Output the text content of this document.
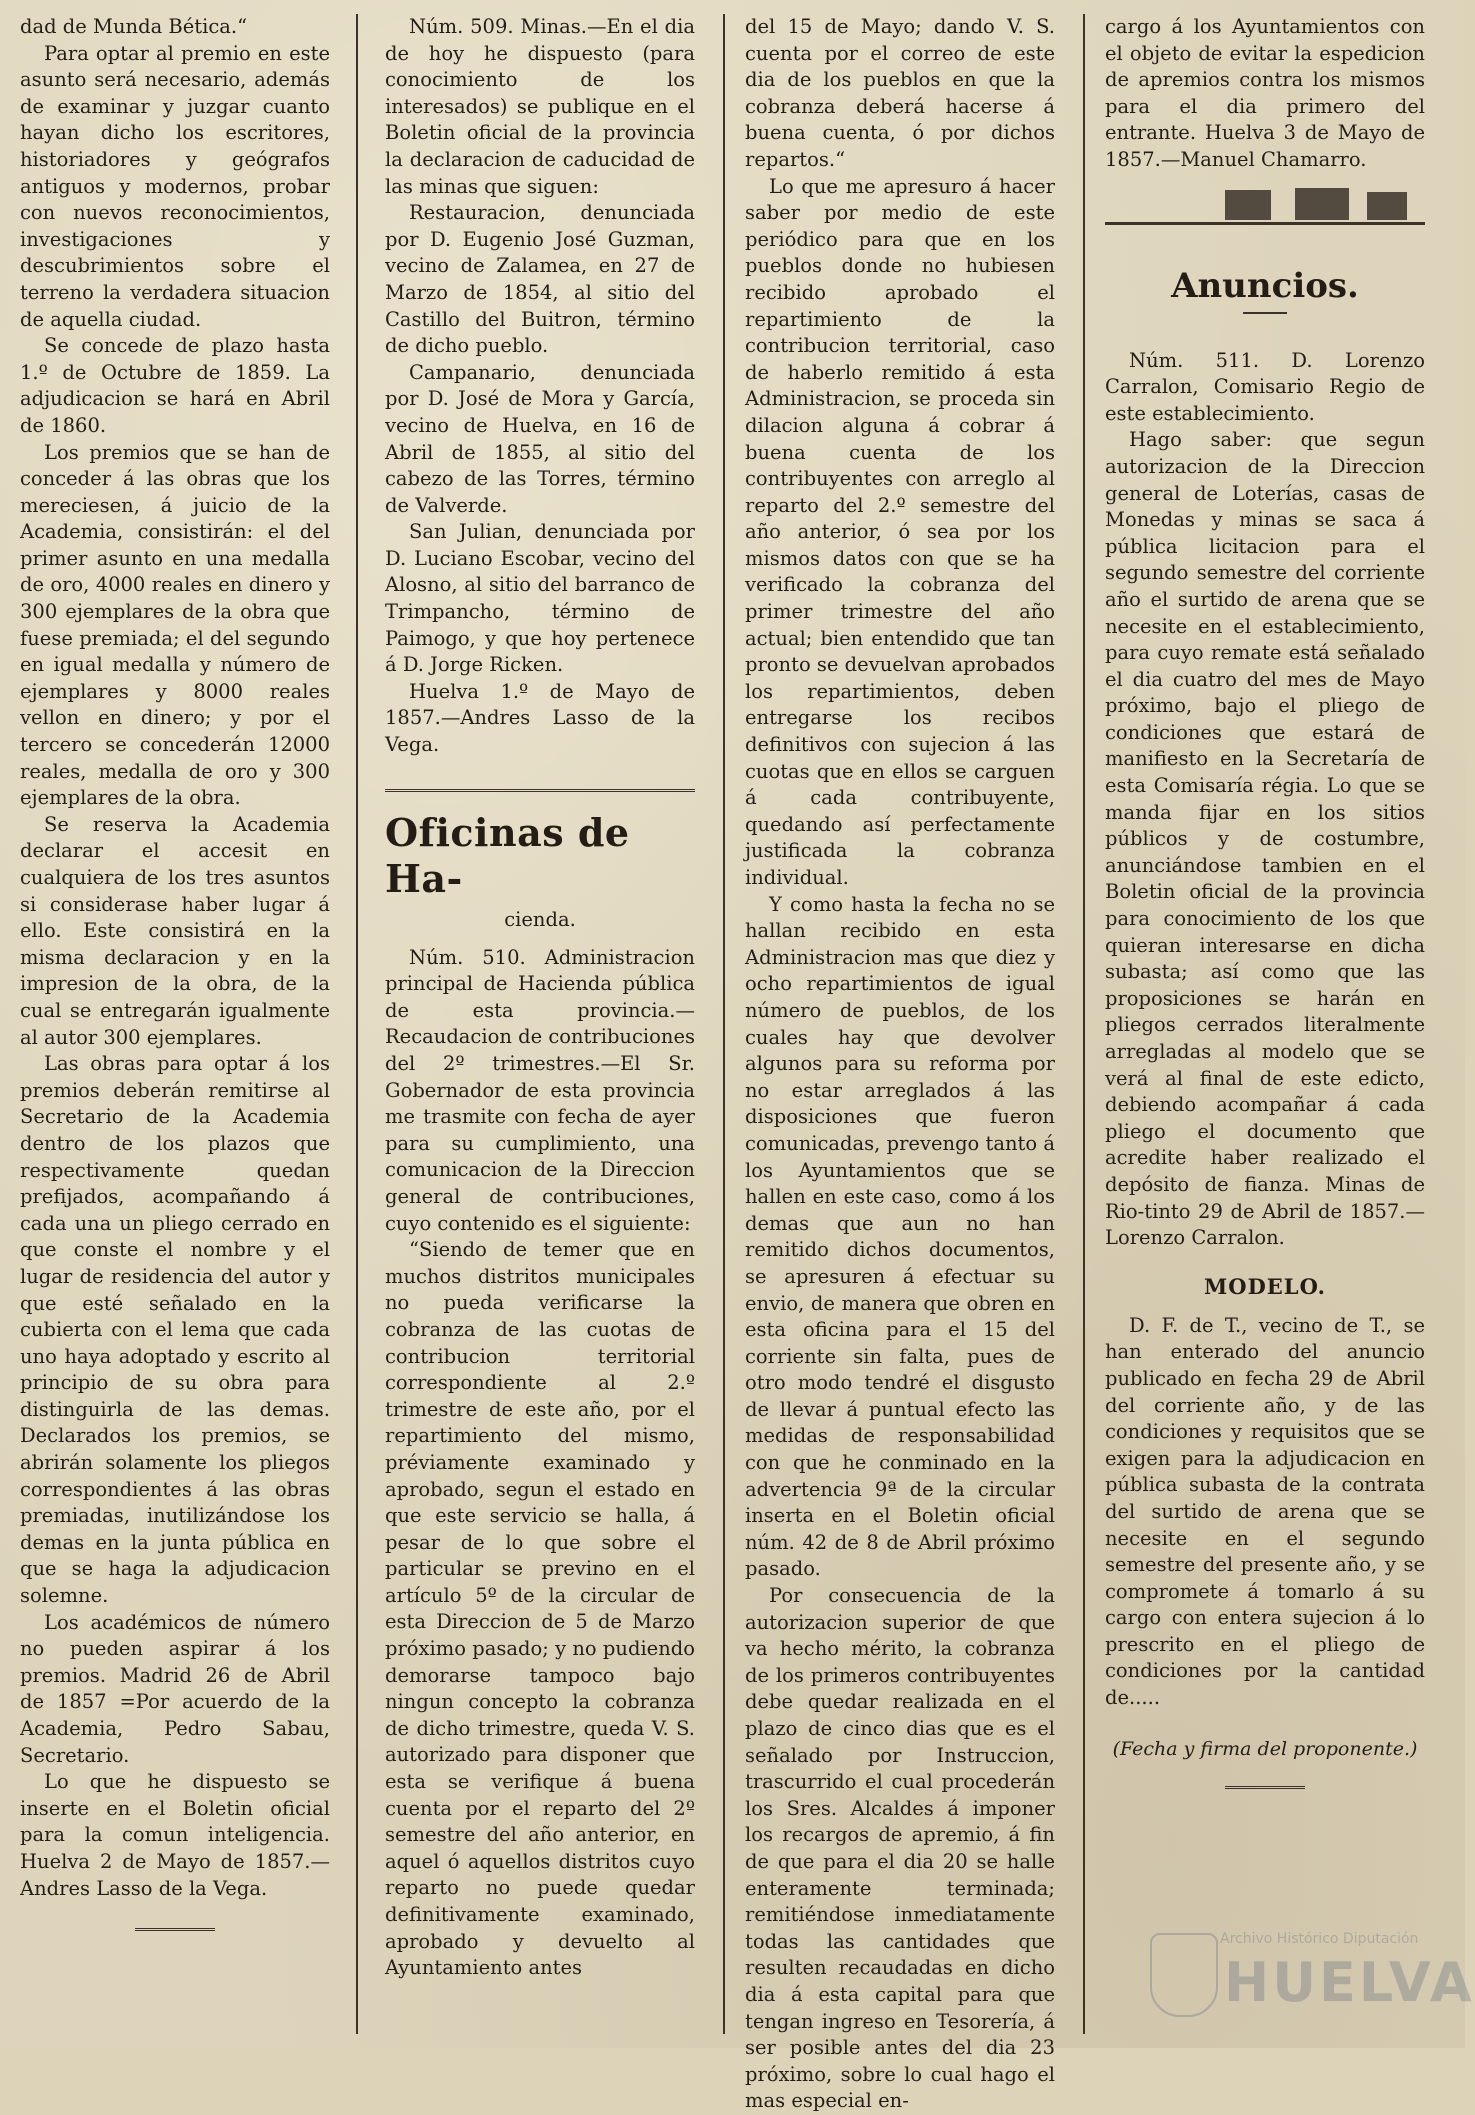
dad de Munda Bética.“

Para optar al premio en este asunto será necesario, además de examinar y juzgar cuanto hayan dicho los escritores, historiadores y geógrafos antiguos y modernos, probar con nuevos reconocimientos, investigaciones y descubrimientos sobre el terreno la verdadera situacion de aquella ciudad.

Se concede de plazo hasta 1.º de Octubre de 1859. La adjudicacion se hará en Abril de 1860.

Los premios que se han de conceder á las obras que los mereciesen, á juicio de la Academia, consistirán: el del primer asunto en una medalla de oro, 4000 reales en dinero y 300 ejemplares de la obra que fuese premiada; el del segundo en igual medalla y número de ejemplares y 8000 reales vellon en dinero; y por el tercero se concederán 12000 reales, medalla de oro y 300 ejemplares de la obra.

Se reserva la Academia declarar el accesit en cualquiera de los tres asuntos si considerase haber lugar á ello. Este consistirá en la misma declaracion y en la impresion de la obra, de la cual se entregarán igualmente al autor 300 ejemplares.

Las obras para optar á los premios deberán remitirse al Secretario de la Academia dentro de los plazos que respectivamente quedan prefijados, acompañando á cada una un pliego cerrado en que conste el nombre y el lugar de residencia del autor y que esté señalado en la cubierta con el lema que cada uno haya adoptado y escrito al principio de su obra para distinguirla de las demas. Declarados los premios, se abrirán solamente los pliegos correspondientes á las obras premiadas, inutilizándose los demas en la junta pública en que se haga la adjudicacion solemne.

Los académicos de número no pueden aspirar á los premios. Madrid 26 de Abril de 1857 =Por acuerdo de la Academia, Pedro Sabau, Secretario.

Lo que he dispuesto se inserte en el Boletin oficial para la comun inteligencia. Huelva 2 de Mayo de 1857.— Andres Lasso de la Vega.

Núm. 509. Minas.—En el dia de hoy he dispuesto (para conocimiento de los interesados) se publique en el Boletin oficial de la provincia la declaracion de caducidad de las minas que siguen:

Restauracion, denunciada por D. Eugenio José Guzman, vecino de Zalamea, en 27 de Marzo de 1854, al sitio del Castillo del Buitron, término de dicho pueblo.

Campanario, denunciada por D. José de Mora y García, vecino de Huelva, en 16 de Abril de 1855, al sitio del cabezo de las Torres, término de Valverde.

San Julian, denunciada por D. Luciano Escobar, vecino del Alosno, al sitio del barranco de Trimpancho, término de Paimogo, y que hoy pertenece á D. Jorge Ricken.

Huelva 1.º de Mayo de 1857.—Andres Lasso de la Vega.

Oficinas de Ha-
cienda.

Núm. 510. Administracion principal de Hacienda pública de esta provincia.—Recaudacion de contribuciones del 2º trimestres.—El Sr. Gobernador de esta provincia me trasmite con fecha de ayer para su cumplimiento, una comunicacion de la Direccion general de contribuciones, cuyo contenido es el siguiente:

“Siendo de temer que en muchos distritos municipales no pueda verificarse la cobranza de las cuotas de contribucion territorial correspondiente al 2.º trimestre de este año, por el repartimiento del mismo, préviamente examinado y aprobado, segun el estado en que este servicio se halla, á pesar de lo que sobre el particular se previno en el artículo 5º de la circular de esta Direccion de 5 de Marzo próximo pasado; y no pudiendo demorarse tampoco bajo ningun concepto la cobranza de dicho trimestre, queda V. S. autorizado para disponer que esta se verifique á buena cuenta por el reparto del 2º semestre del año anterior, en aquel ó aquellos distritos cuyo reparto no puede quedar definitivamente examinado, aprobado y devuelto al Ayuntamiento antes

del 15 de Mayo; dando V. S. cuenta por el correo de este dia de los pueblos en que la cobranza deberá hacerse á buena cuenta, ó por dichos repartos.“

Lo que me apresuro á hacer saber por medio de este periódico para que en los pueblos donde no hubiesen recibido aprobado el repartimiento de la contribucion territorial, caso de haberlo remitido á esta Administracion, se proceda sin dilacion alguna á cobrar á buena cuenta de los contribuyentes con arreglo al reparto del 2.º semestre del año anterior, ó sea por los mismos datos con que se ha verificado la cobranza del primer trimestre del año actual; bien entendido que tan pronto se devuelvan aprobados los repartimientos, deben entregarse los recibos definitivos con sujecion á las cuotas que en ellos se carguen á cada contribuyente, quedando así perfectamente justificada la cobranza individual.

Y como hasta la fecha no se hallan recibido en esta Administracion mas que diez y ocho repartimientos de igual número de pueblos, de los cuales hay que devolver algunos para su reforma por no estar arreglados á las disposiciones que fueron comunicadas, prevengo tanto á los Ayuntamientos que se hallen en este caso, como á los demas que aun no han remitido dichos documentos, se apresuren á efectuar su envio, de manera que obren en esta oficina para el 15 del corriente sin falta, pues de otro modo tendré el disgusto de llevar á puntual efecto las medidas de responsabilidad con que he conminado en la advertencia 9ª de la circular inserta en el Boletin oficial núm. 42 de 8 de Abril próximo pasado.

Por consecuencia de la autorizacion superior de que va hecho mérito, la cobranza de los primeros contribuyentes debe quedar realizada en el plazo de cinco dias que es el señalado por Instruccion, trascurrido el cual procederán los Sres. Alcaldes á imponer los recargos de apremio, á fin de que para el dia 20 se halle enteramente terminada; remitiéndose inmediatamente todas las cantidades que resulten recaudadas en dicho dia á esta capital para que tengan ingreso en Tesorería, á ser posible antes del dia 23 próximo, sobre lo cual hago el mas especial en-

cargo á los Ayuntamientos con el objeto de evitar la espedicion de apremios contra los mismos para el dia primero del entrante. Huelva 3 de Mayo de 1857.—Manuel Chamarro.

Anuncios.

Núm. 511. D. Lorenzo Carralon, Comisario Regio de este establecimiento.

Hago saber: que segun autorizacion de la Direccion general de Loterías, casas de Monedas y minas se saca á pública licitacion para el segundo semestre del corriente año el surtido de arena que se necesite en el establecimiento, para cuyo remate está señalado el dia cuatro del mes de Mayo próximo, bajo el pliego de condiciones que estará de manifiesto en la Secretaría de esta Comisaría régia. Lo que se manda fijar en los sitios públicos y de costumbre, anunciándose tambien en el Boletin oficial de la provincia para conocimiento de los que quieran interesarse en dicha subasta; así como que las proposiciones se harán en pliegos cerrados literalmente arregladas al modelo que se verá al final de este edicto, debiendo acompañar á cada pliego el documento que acredite haber realizado el depósito de fianza. Minas de Rio-tinto 29 de Abril de 1857.—Lorenzo Carralon.

MODELO.

D. F. de T., vecino de T., se han enterado del anuncio publicado en fecha 29 de Abril del corriente año, y de las condiciones y requisitos que se exigen para la adjudicacion en pública subasta de la contrata del surtido de arena que se necesite en el segundo semestre del presente año, y se compromete á tomarlo á su cargo con entera sujecion á lo prescrito en el pliego de condiciones por la cantidad de.....

(Fecha y firma del proponente.)
Archivo Histórico Diputación
HUELVA
